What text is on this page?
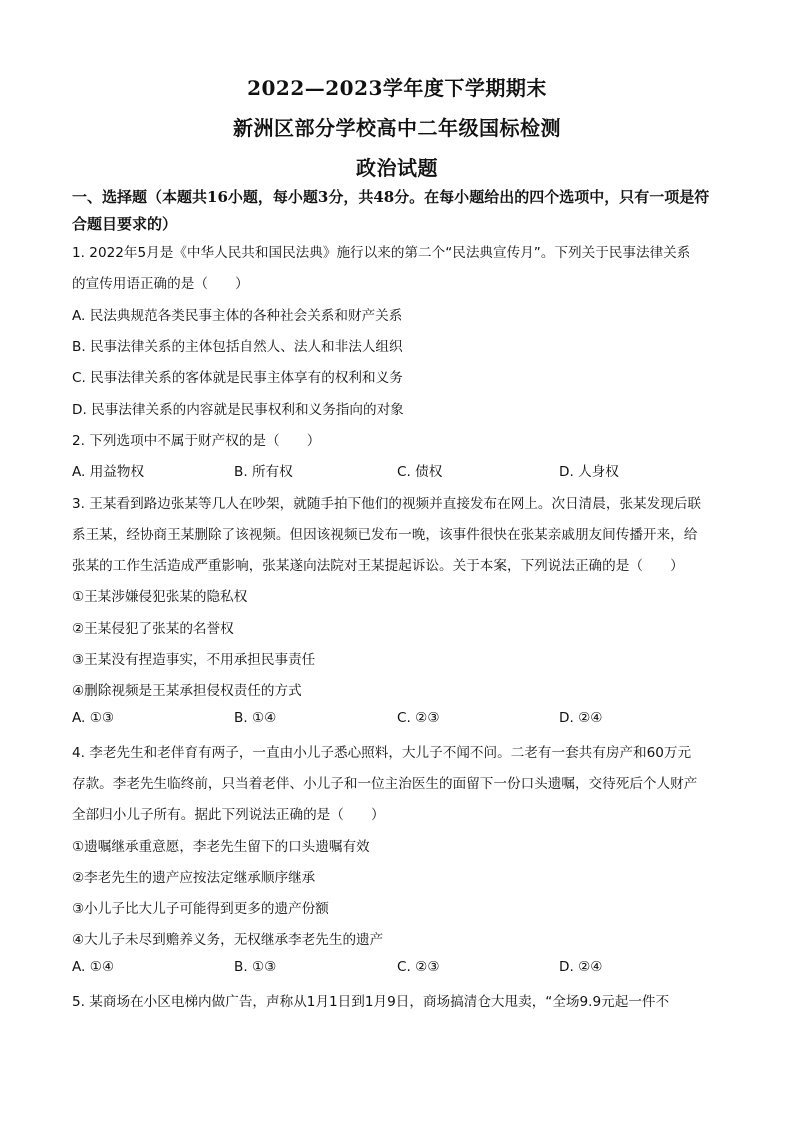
2022—2023学年度下学期期末
新洲区部分学校高中二年级国标检测
政治试题
一、选择题（本题共16小题，每小题3分，共48分。在每小题给出的四个选项中，只有一项是符合题目要求的）
1. 2022年5月是《中华人民共和国民法典》施行以来的第二个“民法典宣传月”。下列关于民事法律关系
的宣传用语正确的是（　　）
A. 民法典规范各类民事主体的各种社会关系和财产关系
B. 民事法律关系的主体包括自然人、法人和非法人组织
C. 民事法律关系的客体就是民事主体享有的权利和义务
D. 民事法律关系的内容就是民事权利和义务指向的对象
2. 下列选项中不属于财产权的是（　　）
A. 用益物权	B. 所有权	C. 债权	D. 人身权
3. 王某看到路边张某等几人在吵架，就随手拍下他们的视频并直接发布在网上。次日清晨，张某发现后联
系王某，经协商王某删除了该视频。但因该视频已发布一晚，该事件很快在张某亲戚朋友间传播开来，给
张某的工作生活造成严重影响，张某遂向法院对王某提起诉讼。关于本案，下列说法正确的是（　　）
①王某涉嫌侵犯张某的隐私权
②王某侵犯了张某的名誉权
③王某没有捏造事实，不用承担民事责任
④删除视频是王某承担侵权责任的方式
A. ①③	B. ①④	C. ②③	D. ②④
4. 李老先生和老伴育有两子，一直由小儿子悉心照料，大儿子不闻不问。二老有一套共有房产和60万元
存款。李老先生临终前，只当着老伴、小儿子和一位主治医生的面留下一份口头遗嘱，交待死后个人财产
全部归小儿子所有。据此下列说法正确的是（　　）
①遗嘱继承重意愿，李老先生留下的口头遗嘱有效
②李老先生的遗产应按法定继承顺序继承
③小儿子比大儿子可能得到更多的遗产份额
④大儿子未尽到赡养义务，无权继承李老先生的遗产
A. ①④	B. ①③	C. ②③	D. ②④
5. 某商场在小区电梯内做广告，声称从1月1日到1月9日，商场搞清仓大甩卖，“全场9.9元起一件不
